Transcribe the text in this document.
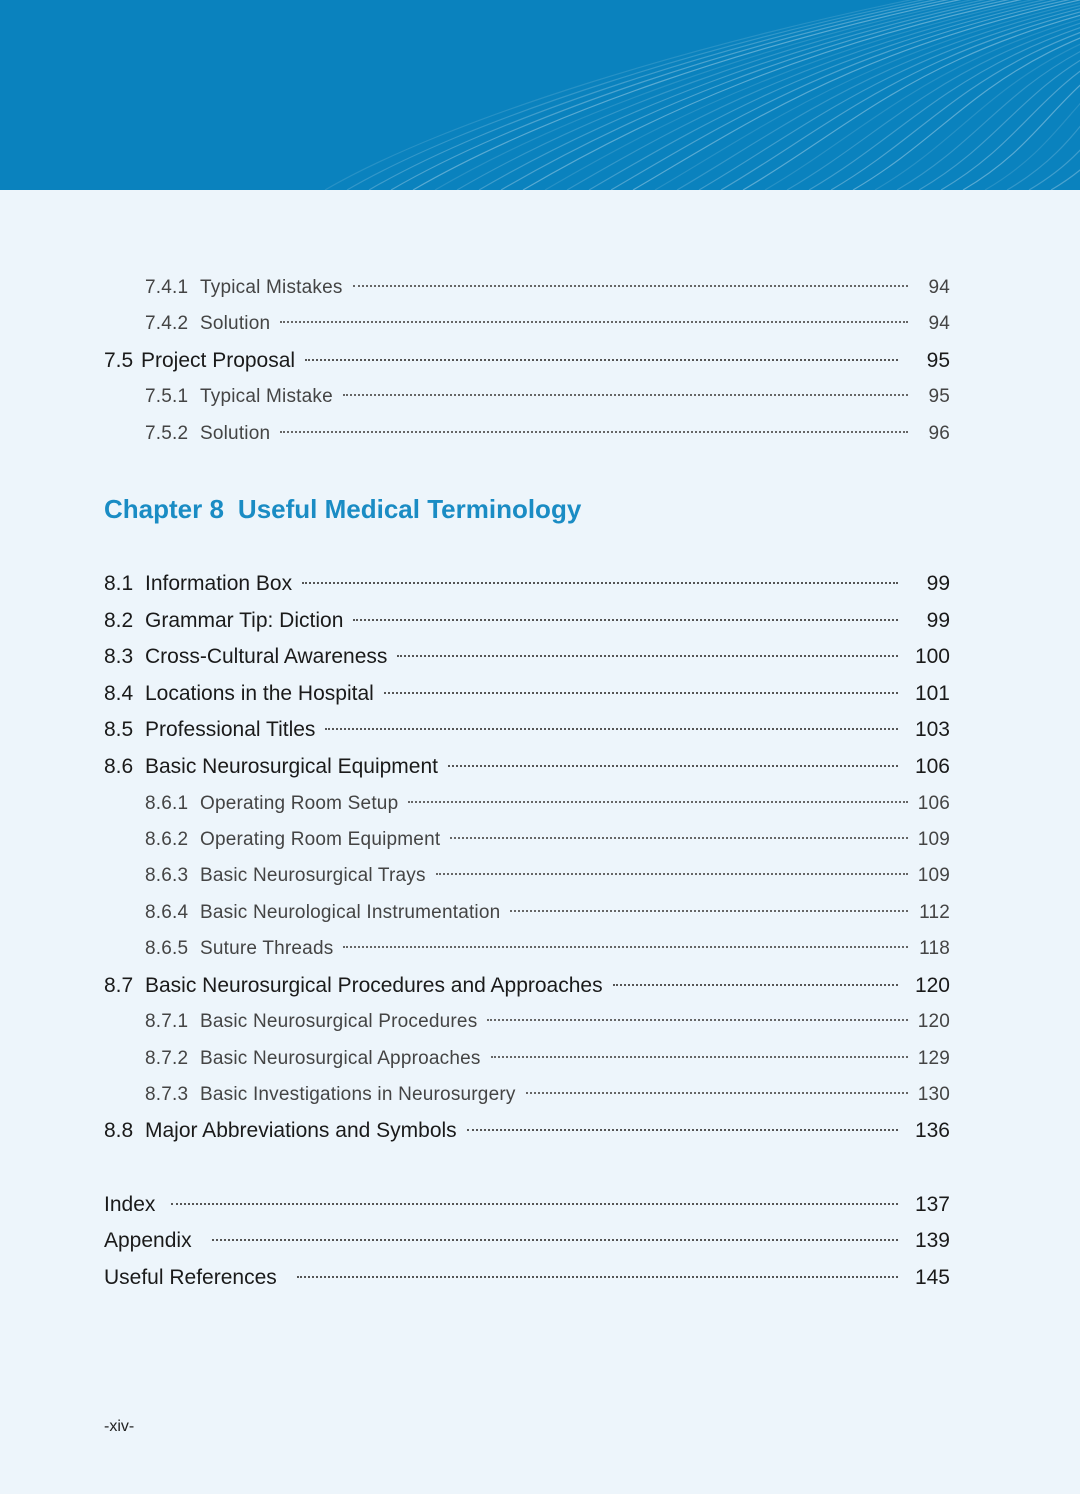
7.4.1 Typical Mistakes	94
7.4.2 Solution	94
7.5 Project Proposal	95
7.5.1 Typical Mistake	95
7.5.2 Solution	96
Chapter 8 Useful Medical Terminology
8.1 Information Box	99
8.2 Grammar Tip: Diction	99
8.3 Cross-Cultural Awareness	100
8.4 Locations in the Hospital	101
8.5 Professional Titles	103
8.6 Basic Neurosurgical Equipment	106
8.6.1 Operating Room Setup	106
8.6.2 Operating Room Equipment	109
8.6.3 Basic Neurosurgical Trays	109
8.6.4 Basic Neurological Instrumentation	112
8.6.5 Suture Threads	118
8.7 Basic Neurosurgical Procedures and Approaches	120
8.7.1 Basic Neurosurgical Procedures	120
8.7.2 Basic Neurosurgical Approaches	129
8.7.3 Basic Investigations in Neurosurgery	130
8.8 Major Abbreviations and Symbols	136
Index	137
Appendix	139
Useful References	145
-xiv-
